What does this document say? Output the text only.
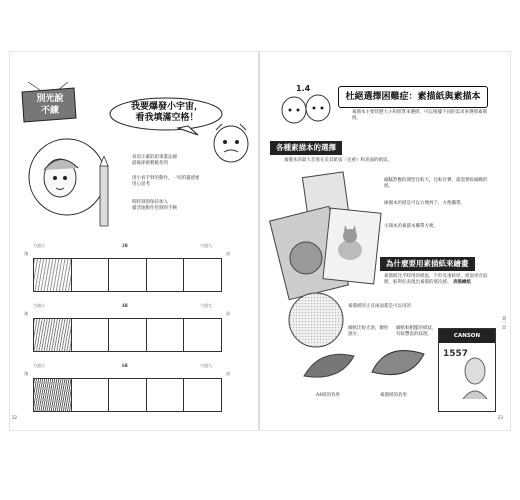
別光說
不練	我要爆發小宇宙，
看我填滿空格！
看似正確的鉛筆畫法圖
最後卻被輕鬆扣到
別小看手臂的動作，一切的靈感要用心思考
時時刻刻保持加入
靈活地動作控制的手腕
力道小	2B	力道大
淺	深
力道小	4B	力道大
淺	深
力道小	6B	力道大
淺	深
22
1.4
杜絕選擇困難症：素描紙與素描本
素描本主要狀態大小和紙質來選擇，可以根據不同的需求來選擇素描紙。
各種素描本的選擇
素描本的最大差異在於其紙張（克重）和表面的紙紋。
細膩對應的開型比較大，比較有彈，就需要較細緻的紙。
線圈本的紙是可以方便拆下，方便攜帶。
小開本的素描本攜帶方便。
為什麼要用素描紙來繪畫
素描紙比平時用的紙張，不但克重較厚，紙面更有紋理，較利於表現出素描的層次感。 表描繪紙
素描紙的正反兩面都是可以用的
細紙比較光滑，顆粒感少。
細紙較粗糙的紙紋，有較豐富的紋理。
A4紙的效果	素描紙的效果
CANSON
1557
第一章
23
